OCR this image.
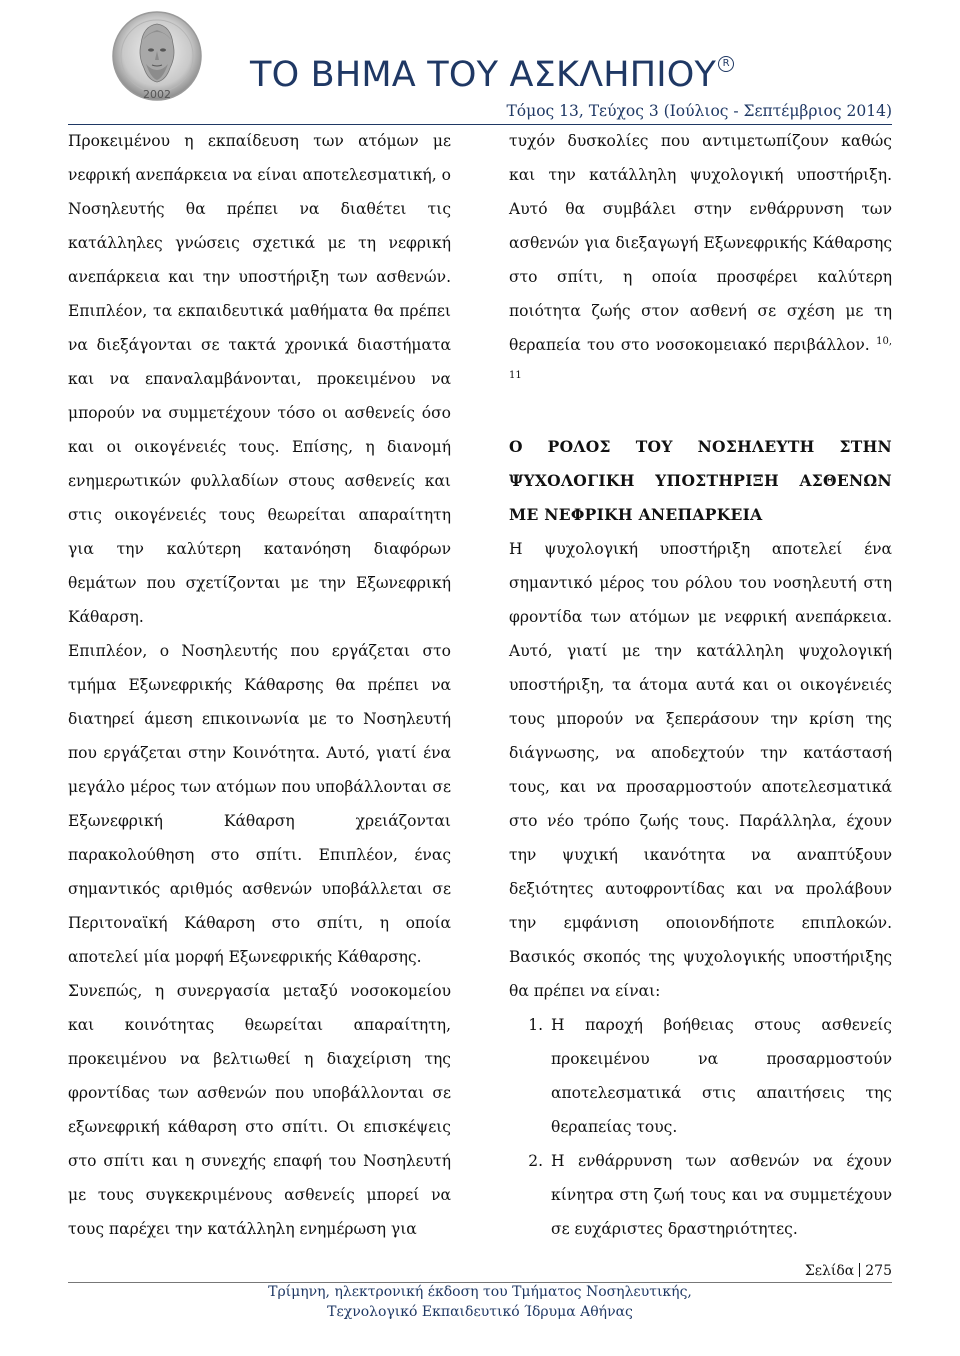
2002	ΤΟ ΒΗΜΑ ΤΟΥ ΑΣΚΛΗΠΙΟΥ R
Τόμος 13, Τεύχος 3 (Ιούλιος - Σεπτέμβριος 2014)

Προκειμένου η εκπαίδευση των ατόμων με νεφρική ανεπάρκεια να είναι αποτελεσματική, ο Νοσηλευτής θα πρέπει να διαθέτει τις κατάλληλες γνώσεις σχετικά με τη νεφρική ανεπάρκεια και την υποστήριξη των ασθενών. Επιπλέον, τα εκπαιδευτικά μαθήματα θα πρέπει να διεξάγονται σε τακτά χρονικά διαστήματα και να επαναλαμβάνονται, προκειμένου να μπορούν να συμμετέχουν τόσο οι ασθενείς όσο και οι οικογένειές τους. Επίσης, η διανομή ενημερωτικών φυλλαδίων στους ασθενείς και στις οικογένειές τους θεωρείται απαραίτητη για την καλύτερη κατανόηση διαφόρων θεμάτων που σχετίζονται με την Εξωνεφρική Κάθαρση.

Επιπλέον, ο Νοσηλευτής που εργάζεται στο τμήμα Εξωνεφρικής Κάθαρσης θα πρέπει να διατηρεί άμεση επικοινωνία με το Νοσηλευτή που εργάζεται στην Κοινότητα. Αυτό, γιατί ένα μεγάλο μέρος των ατόμων που υποβάλλονται σε Εξωνεφρική Κάθαρση χρειάζονται παρακολούθηση στο σπίτι. Επιπλέον, ένας σημαντικός αριθμός ασθενών υποβάλλεται σε Περιτοναϊκή Κάθαρση στο σπίτι, η οποία αποτελεί μία μορφή Εξωνεφρικής Κάθαρσης.

Συνεπώς, η συνεργασία μεταξύ νοσοκομείου και κοινότητας θεωρείται απαραίτητη, προκειμένου να βελτιωθεί η διαχείριση της φροντίδας των ασθενών που υποβάλλονται σε εξωνεφρική κάθαρση στο σπίτι. Οι επισκέψεις στο σπίτι και η συνεχής επαφή του Νοσηλευτή με τους συγκεκριμένους ασθενείς μπορεί να τους παρέχει την κατάλληλη ενημέρωση για

τυχόν δυσκολίες που αντιμετωπίζουν καθώς και την κατάλληλη ψυχολογική υποστήριξη. Αυτό θα συμβάλει στην ενθάρρυνση των ασθενών για διεξαγωγή Εξωνεφρικής Κάθαρσης στο σπίτι, η οποία προσφέρει καλύτερη ποιότητα ζωής στον ασθενή σε σχέση με τη θεραπεία του στο νοσοκομειακό περιβάλλον. $^{10, 11}$

Ο ΡΟΛΟΣ ΤΟΥ ΝΟΣΗΛΕΥΤΗ ΣΤΗΝ ΨΥΧΟΛΟΓΙΚΗ ΥΠΟΣΤΗΡΙΞΗ ΑΣΘΕΝΩΝ ΜΕ ΝΕΦΡΙΚΗ ΑΝΕΠΑΡΚΕΙΑ

Η ψυχολογική υποστήριξη αποτελεί ένα σημαντικό μέρος του ρόλου του νοσηλευτή στη φροντίδα των ατόμων με νεφρική ανεπάρκεια. Αυτό, γιατί με την κατάλληλη ψυχολογική υποστήριξη, τα άτομα αυτά και οι οικογένειές τους μπορούν να ξεπεράσουν την κρίση της διάγνωσης, να αποδεχτούν την κατάστασή τους, και να προσαρμοστούν αποτελεσματικά στο νέο τρόπο ζωής τους. Παράλληλα, έχουν την ψυχική ικανότητα να αναπτύξουν δεξιότητες αυτοφροντίδας και να προλάβουν την εμφάνιση οποιονδήποτε επιπλοκών. Βασικός σκοπός της ψυχολογικής υποστήριξης θα πρέπει να είναι:

1. Η παροχή βοήθειας στους ασθενείς προκειμένου να προσαρμοστούν αποτελεσματικά στις απαιτήσεις της θεραπείας τους.
2. Η ενθάρρυνση των ασθενών να έχουν κίνητρα στη ζωή τους και να συμμετέχουν σε ευχάριστες δραστηριότητες.
Σελίδα 275
Τρίμηνη, ηλεκτρονική έκδοση του Τμήματος Νοσηλευτικής,
Τεχνολογικό Εκπαιδευτικό Ίδρυμα Αθήνας
